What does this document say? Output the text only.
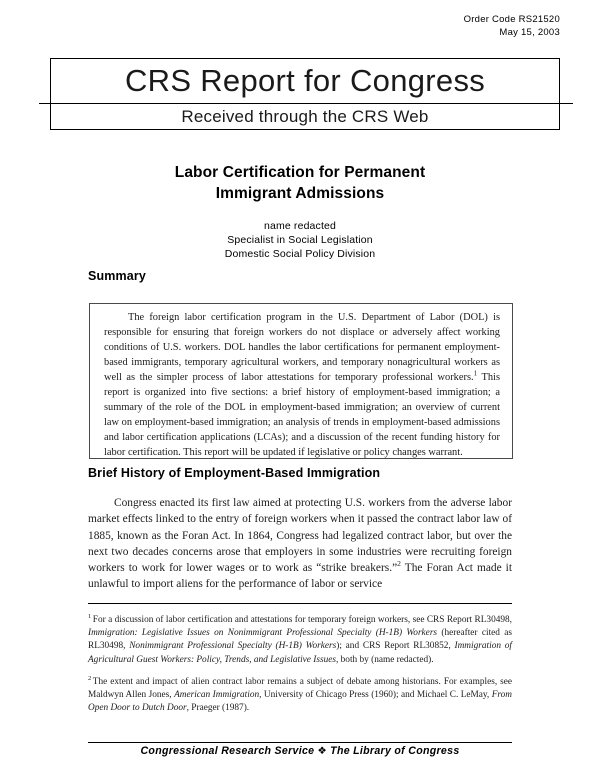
Order Code RS21520
May 15, 2003
CRS Report for Congress
Received through the CRS Web
Labor Certification for Permanent
Immigrant Admissions
name redacted
Specialist in Social Legislation
Domestic Social Policy Division
Summary
The foreign labor certification program in the U.S. Department of Labor (DOL) is responsible for ensuring that foreign workers do not displace or adversely affect working conditions of U.S. workers. DOL handles the labor certifications for permanent employment-based immigrants, temporary agricultural workers, and temporary nonagricultural workers as well as the simpler process of labor attestations for temporary professional workers.$^1$ This report is organized into five sections: a brief history of employment-based immigration; a summary of the role of the DOL in employment-based immigration; an overview of current law on employment-based immigration; an analysis of trends in employment-based admissions and labor certification applications (LCAs); and a discussion of the recent funding history for labor certification. This report will be updated if legislative or policy changes warrant.
Brief History of Employment-Based Immigration
Congress enacted its first law aimed at protecting U.S. workers from the adverse labor market effects linked to the entry of foreign workers when it passed the contract labor law of 1885, known as the Foran Act. In 1864, Congress had legalized contract labor, but over the next two decades concerns arose that employers in some industries were recruiting foreign workers to work for lower wages or to work as “strike breakers.”$^2$ The Foran Act made it unlawful to import aliens for the performance of labor or service
$^1$ For a discussion of labor certification and attestations for temporary foreign workers, see CRS Report RL30498, Immigration: Legislative Issues on Nonimmigrant Professional Specialty (H-1B) Workers (hereafter cited as RL30498, Nonimmigrant Professional Specialty (H-1B) Workers); and CRS Report RL30852, Immigration of Agricultural Guest Workers: Policy, Trends, and Legislative Issues, both by (name redacted).
$^2$ The extent and impact of alien contract labor remains a subject of debate among historians. For examples, see Maldwyn Allen Jones, American Immigration, University of Chicago Press (1960); and Michael C. LeMay, From Open Door to Dutch Door, Praeger (1987).
Congressional Research Service ❖ The Library of Congress
